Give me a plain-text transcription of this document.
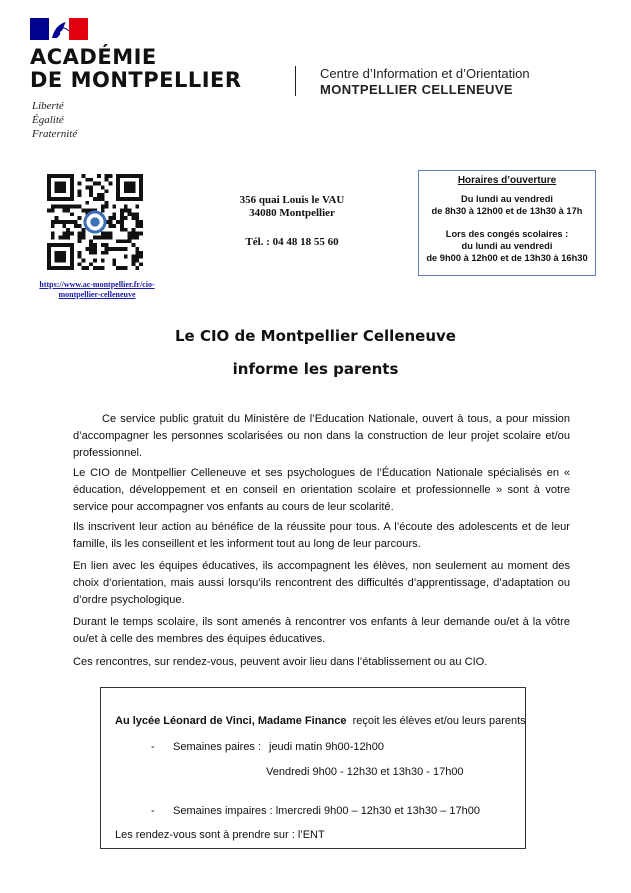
ACADÉMIE
DE MONTPELLIER
Liberté
Égalité
Fraternité
Centre d’Information et d’Orientation
MONTPELLIER CELLENEUVE
https://www.ac-montpellier.fr/cio-
montpellier-celleneuve
356 quai Louis le VAU
34080 Montpellier
Tél. : 04 48 18 55 60
Horaires d’ouverture
Du lundi au vendredi
de 8h30 à 12h00 et de 13h30 à 17h
Lors des congés scolaires :
du lundi au vendredi
de 9h00 à 12h00 et de 13h30 à 16h30
Le CIO de Montpellier Celleneuve
informe les parents
Ce service public gratuit du Ministère de l’Education Nationale, ouvert à tous, a pour mission d’accompagner les personnes scolarisées ou non dans la construction de leur projet scolaire et/ou professionnel.
Le CIO de Montpellier Celleneuve et ses psychologues de l’Éducation Nationale spécialisés en « éducation, développement et en conseil en orientation scolaire et professionnelle » sont à votre service pour accompagner vos enfants au cours de leur scolarité.
Ils inscrivent leur action au bénéfice de la réussite pour tous. A l’écoute des adolescents et de leur famille, ils les conseillent et les informent tout au long de leur parcours.
En lien avec les équipes éducatives, ils accompagnent les élèves, non seulement au moment des choix d’orientation, mais aussi lorsqu’ils rencontrent des difficultés d’apprentissage, d’adaptation ou d’ordre psychologique.
Durant le temps scolaire, ils sont amenés à rencontrer vos enfants à leur demande ou/et à la vôtre ou/et à celle des membres des équipes éducatives.
Ces rencontres, sur rendez-vous, peuvent avoir lieu dans l’établissement ou au CIO.
Au lycée Léonard de Vinci, Madame Finance reçoit les élèves et/ou leurs parents
- Semaines paires : jeudi matin 9h00-12h00
Vendredi 9h00 - 12h30 et 13h30 - 17h00
- Semaines impaires : lmercredi 9h00 – 12h30 et 13h30 – 17h00
Les rendez-vous sont à prendre sur : l’ENT
